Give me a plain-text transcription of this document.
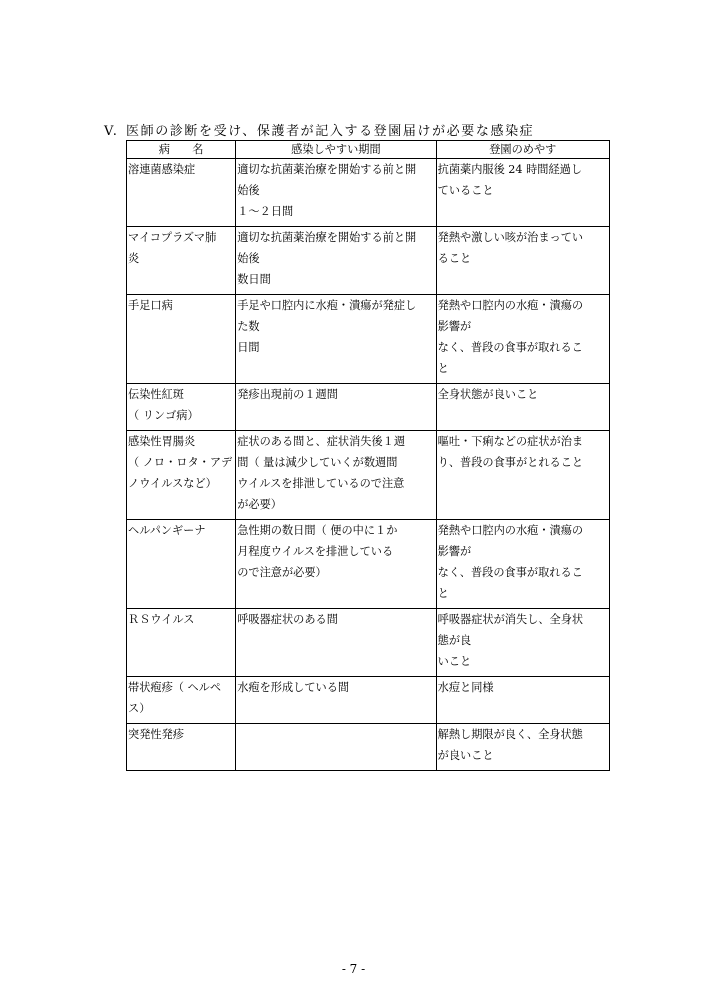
V. 医師の診断を受け、保護者が記入する登園届けが必要な感染症
病　　名	感染しやすい期間	登園のめやす

溶連菌感染症	適切な抗菌薬治療を開始する前と開
始後
１～２日間	抗菌薬内服後 24 時間経過し
ていること

マイコプラズマ肺
炎	適切な抗菌薬治療を開始する前と開
始後
数日間	発熱や激しい咳が治まってい
ること

手足口病	手足や口腔内に水疱・潰瘍が発症し
た数
日間	発熱や口腔内の水疱・潰瘍の
影響が
なく、普段の食事が取れるこ
と

伝染性紅斑
（ リンゴ病）	発疹出現前の１週間	全身状態が良いこと

感染性胃腸炎
（ ノロ・ロタ・アデ
ノウイルスなど）	症状のある間と、症状消失後１週
間（ 量は減少していくが数週間
ウイルスを排泄しているので注意
が必要）	嘔吐・下痢などの症状が治ま
り、普段の食事がとれること

ヘルパンギーナ	急性期の数日間（ 便の中に１か
月程度ウイルスを排泄している
ので注意が必要）	発熱や口腔内の水疱・潰瘍の
影響が
なく、普段の食事が取れるこ
と

ＲＳウイルス	呼吸器症状のある間	呼吸器症状が消失し、全身状
態が良
いこと

帯状疱疹（ ヘルペ
ス）	水疱を形成している間	水痘と同様

突発性発疹		解熱し期限が良く、全身状態
が良いこと
- 7 -
